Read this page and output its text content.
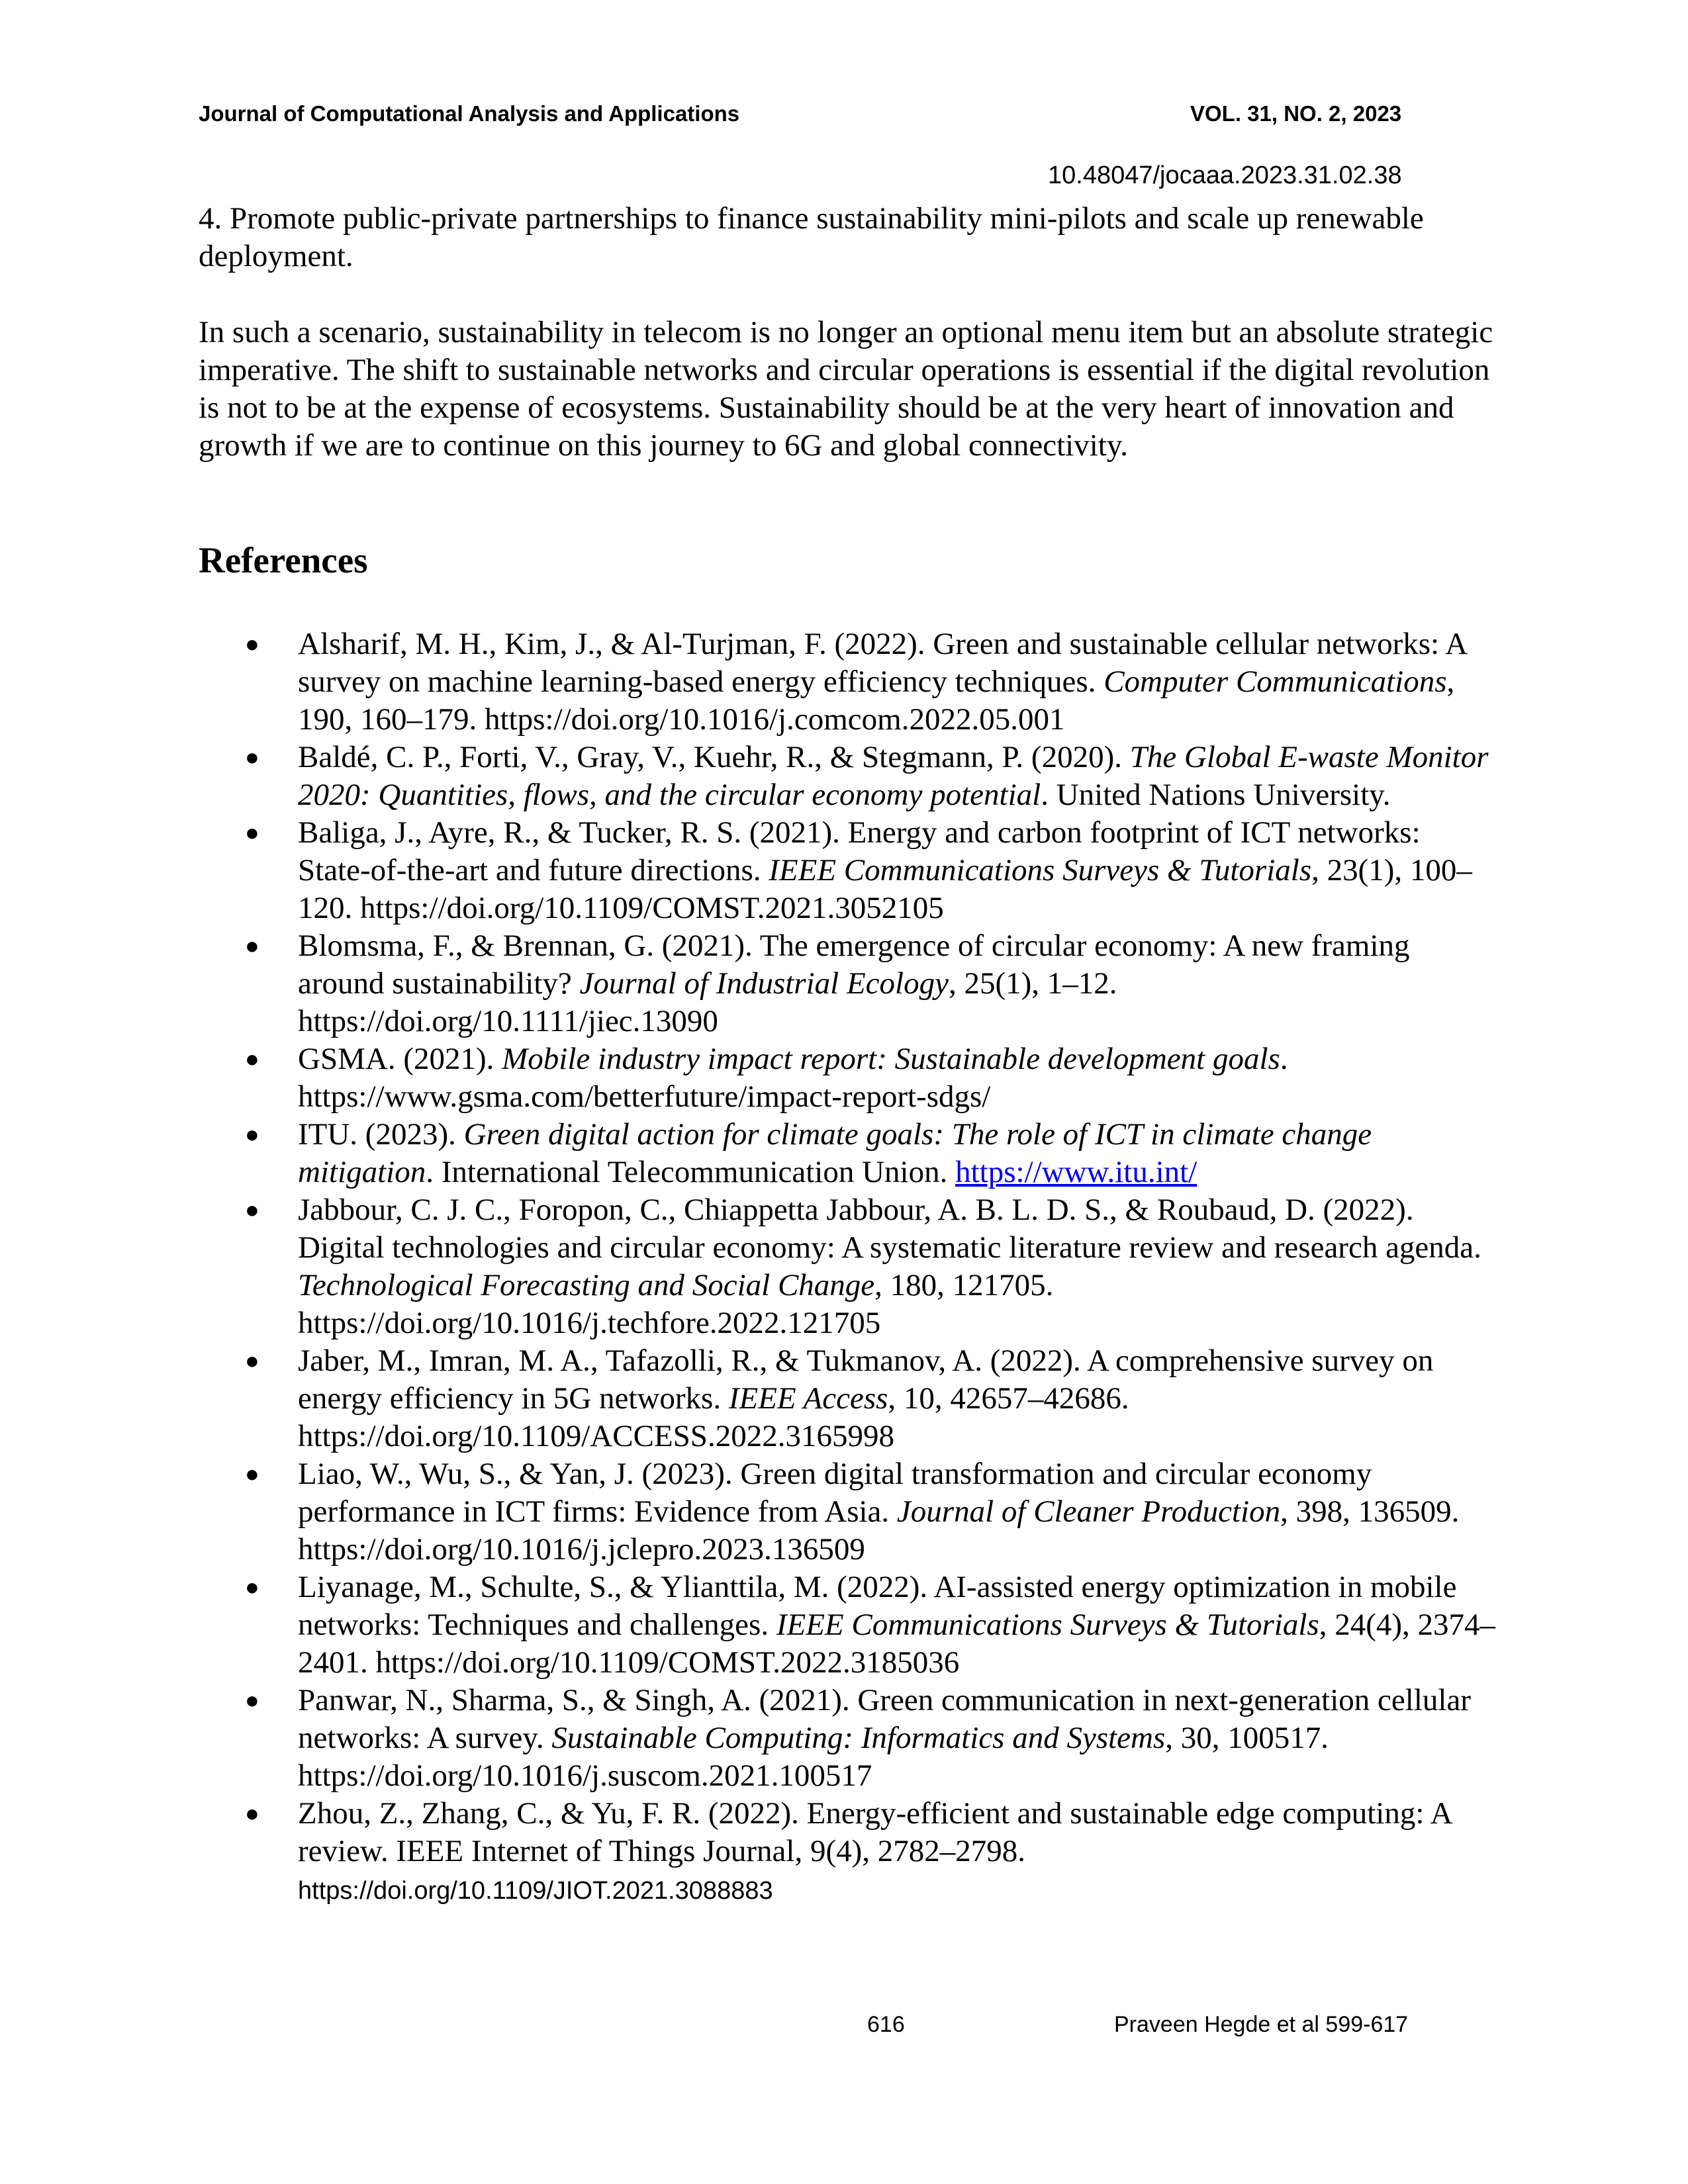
Journal of Computational Analysis and Applications	VOL. 31, NO. 2, 2023
10.48047/jocaaa.2023.31.02.38

4. Promote public-private partnerships to finance sustainability mini-pilots and scale up renewable deployment.

In such a scenario, sustainability in telecom is no longer an optional menu item but an absolute strategic imperative. The shift to sustainable networks and circular operations is essential if the digital revolution is not to be at the expense of ecosystems. Sustainability should be at the very heart of innovation and growth if we are to continue on this journey to 6G and global connectivity.

References
● Alsharif, M. H., Kim, J., & Al-Turjman, F. (2022). Green and sustainable cellular networks: A survey on machine learning-based energy efficiency techniques. Computer Communications, 190, 160–179. https://doi.org/10.1016/j.comcom.2022.05.001
● Baldé, C. P., Forti, V., Gray, V., Kuehr, R., & Stegmann, P. (2020). The Global E-waste Monitor 2020: Quantities, flows, and the circular economy potential. United Nations University.
● Baliga, J., Ayre, R., & Tucker, R. S. (2021). Energy and carbon footprint of ICT networks: State-of-the-art and future directions. IEEE Communications Surveys & Tutorials, 23(1), 100–120. https://doi.org/10.1109/COMST.2021.3052105
● Blomsma, F., & Brennan, G. (2021). The emergence of circular economy: A new framing around sustainability? Journal of Industrial Ecology, 25(1), 1–12. https://doi.org/10.1111/jiec.13090
● GSMA. (2021). Mobile industry impact report: Sustainable development goals. https://www.gsma.com/betterfuture/impact-report-sdgs/
● ITU. (2023). Green digital action for climate goals: The role of ICT in climate change mitigation. International Telecommunication Union. https://www.itu.int/
● Jabbour, C. J. C., Foropon, C., Chiappetta Jabbour, A. B. L. D. S., & Roubaud, D. (2022). Digital technologies and circular economy: A systematic literature review and research agenda. Technological Forecasting and Social Change, 180, 121705. https://doi.org/10.1016/j.techfore.2022.121705
● Jaber, M., Imran, M. A., Tafazolli, R., & Tukmanov, A. (2022). A comprehensive survey on energy efficiency in 5G networks. IEEE Access, 10, 42657–42686. https://doi.org/10.1109/ACCESS.2022.3165998
● Liao, W., Wu, S., & Yan, J. (2023). Green digital transformation and circular economy performance in ICT firms: Evidence from Asia. Journal of Cleaner Production, 398, 136509. https://doi.org/10.1016/j.jclepro.2023.136509
● Liyanage, M., Schulte, S., & Ylianttila, M. (2022). AI-assisted energy optimization in mobile networks: Techniques and challenges. IEEE Communications Surveys & Tutorials, 24(4), 2374–2401. https://doi.org/10.1109/COMST.2022.3185036
● Panwar, N., Sharma, S., & Singh, A. (2021). Green communication in next-generation cellular networks: A survey. Sustainable Computing: Informatics and Systems, 30, 100517. https://doi.org/10.1016/j.suscom.2021.100517
● Zhou, Z., Zhang, C., & Yu, F. R. (2022). Energy-efficient and sustainable edge computing: A review. IEEE Internet of Things Journal, 9(4), 2782–2798.
https://doi.org/10.1109/JIOT.2021.3088883
616	Praveen Hegde et al 599-617
